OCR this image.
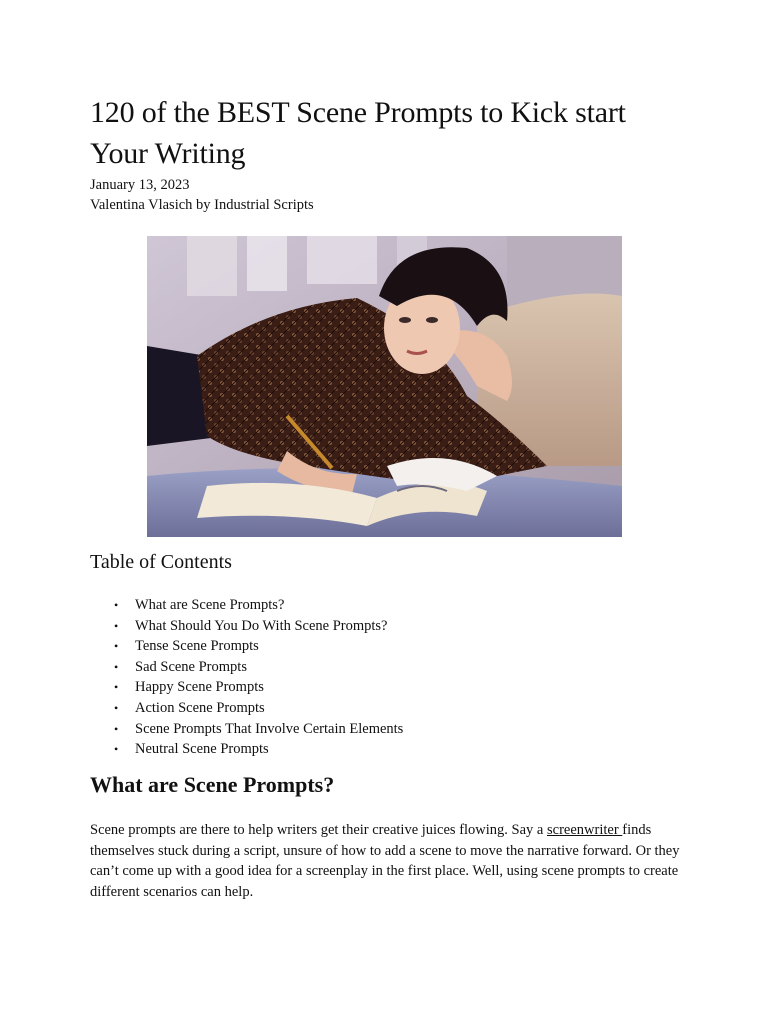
120 of the BEST Scene Prompts to Kick start Your Writing
January 13, 2023
Valentina Vlasich by Industrial Scripts
Table of Contents
• What are Scene Prompts?
• What Should You Do With Scene Prompts?
• Tense Scene Prompts
• Sad Scene Prompts
• Happy Scene Prompts
• Action Scene Prompts
• Scene Prompts That Involve Certain Elements
• Neutral Scene Prompts
What are Scene Prompts?

Scene prompts are there to help writers get their creative juices flowing. Say a screenwriter finds themselves stuck during a script, unsure of how to add a scene to move the narrative forward. Or they can’t come up with a good idea for a screenplay in the first place. Well, using scene prompts to create different scenarios can help.
